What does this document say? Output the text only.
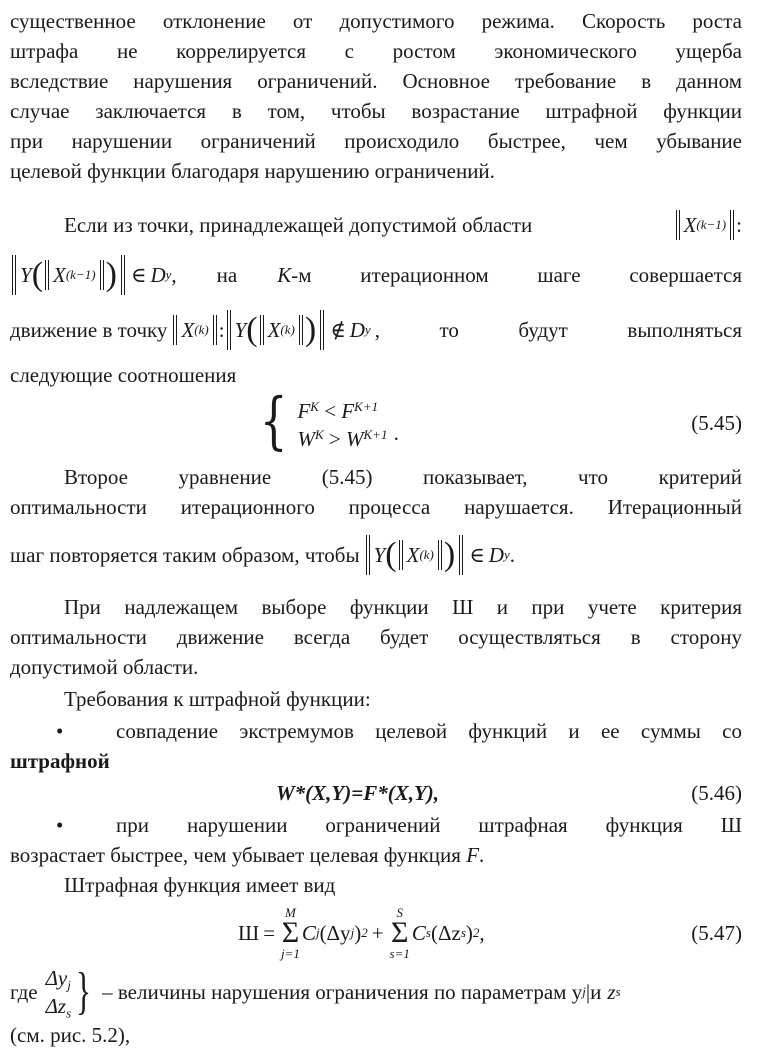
существенное отклонение от допустимого режима. Скорость роста
штрафа не коррелируется с ростом экономического ущерба
вследствие нарушения ограничений. Основное требование в данном
случае заключается в том, чтобы возрастание штрафной функции
при нарушении ограничений происходило быстрее, чем убывание
целевой функции благодаря нарушению ограничений.
Если из точки, принадлежащей допустимой области	X (k−1) :
Y ( X (k−1) ) ∈ D y , на K -м итерационном шаге совершается
движение в точку X (k) : Y ( X (k) ) ∉ D y , то будут выполняться
следующие соотношения
{ $F^K < F^{K+1}$
$W^K > W^{K+1}$ ·
(5.45)
Второе уравнение (5.45) показывает, что критерий
оптимальности итерационного процесса нарушается. Итерационный
шаг повторяется таким образом, чтобы Y ( X (k) ) ∈ D y .
При надлежащем выборе функции Ш и при учете критерия
оптимальности движение всегда будет осуществляться в сторону
допустимой области.
Требования к штрафной функции:
•	совпадение экстремумов целевой функций и ее суммы со
штрафной
W*(X,Y)=F*(X,Y),	(5.46)
•	при нарушении ограничений штрафная функция Ш
возрастает быстрее, чем убывает целевая функция F.
Штрафная функция имеет вид
Ш =
M
Σ
j=1
C j (Δy j ) 2 +
S
Σ
s=1
C s (Δz s ) 2 ,	(5.47)
где
$\Delta y_j$
$\Delta z_s$ } – величины нарушения ограничения по параметрам y j | и z s
(см. рис. 5.2),
